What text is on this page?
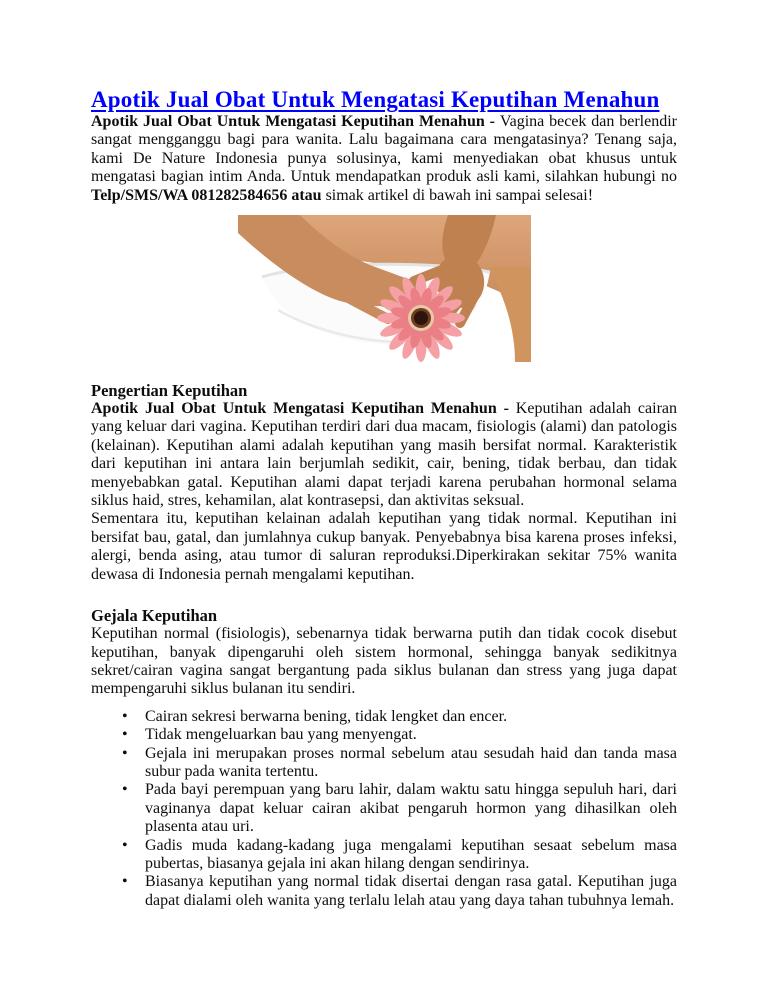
Apotik Jual Obat Untuk Mengatasi Keputihan Menahun

Apotik Jual Obat Untuk Mengatasi Keputihan Menahun - Vagina becek dan berlendir sangat mengganggu bagi para wanita. Lalu bagaimana cara mengatasinya? Tenang saja, kami De Nature Indonesia punya solusinya, kami menyediakan obat khusus untuk mengatasi bagian intim Anda. Untuk mendapatkan produk asli kami, silahkan hubungi no Telp/SMS/WA 081282584656 atau simak artikel di bawah ini sampai selesai!

Pengertian Keputihan

Apotik Jual Obat Untuk Mengatasi Keputihan Menahun - Keputihan adalah cairan yang keluar dari vagina. Keputihan terdiri dari dua macam, fisiologis (alami) dan patologis (kelainan). Keputihan alami adalah keputihan yang masih bersifat normal. Karakteristik dari keputihan ini antara lain berjumlah sedikit, cair, bening, tidak berbau, dan tidak menyebabkan gatal. Keputihan alami dapat terjadi karena perubahan hormonal selama siklus haid, stres, kehamilan, alat kontrasepsi, dan aktivitas seksual.

Sementara itu, keputihan kelainan adalah keputihan yang tidak normal. Keputihan ini bersifat bau, gatal, dan jumlahnya cukup banyak. Penyebabnya bisa karena proses infeksi, alergi, benda asing, atau tumor di saluran reproduksi.Diperkirakan sekitar 75% wanita dewasa di Indonesia pernah mengalami keputihan.

Gejala Keputihan

Keputihan normal (fisiologis), sebenarnya tidak berwarna putih dan tidak cocok disebut keputihan, banyak dipengaruhi oleh sistem hormonal, sehingga banyak sedikitnya sekret/cairan vagina sangat bergantung pada siklus bulanan dan stress yang juga dapat mempengaruhi siklus bulanan itu sendiri.

• Cairan sekresi berwarna bening, tidak lengket dan encer.
• Tidak mengeluarkan bau yang menyengat.
• Gejala ini merupakan proses normal sebelum atau sesudah haid dan tanda masa subur pada wanita tertentu.
• Pada bayi perempuan yang baru lahir, dalam waktu satu hingga sepuluh hari, dari vaginanya dapat keluar cairan akibat pengaruh hormon yang dihasilkan oleh plasenta atau uri.
• Gadis muda kadang-kadang juga mengalami keputihan sesaat sebelum masa pubertas, biasanya gejala ini akan hilang dengan sendirinya.
• Biasanya keputihan yang normal tidak disertai dengan rasa gatal. Keputihan juga dapat dialami oleh wanita yang terlalu lelah atau yang daya tahan tubuhnya lemah.
